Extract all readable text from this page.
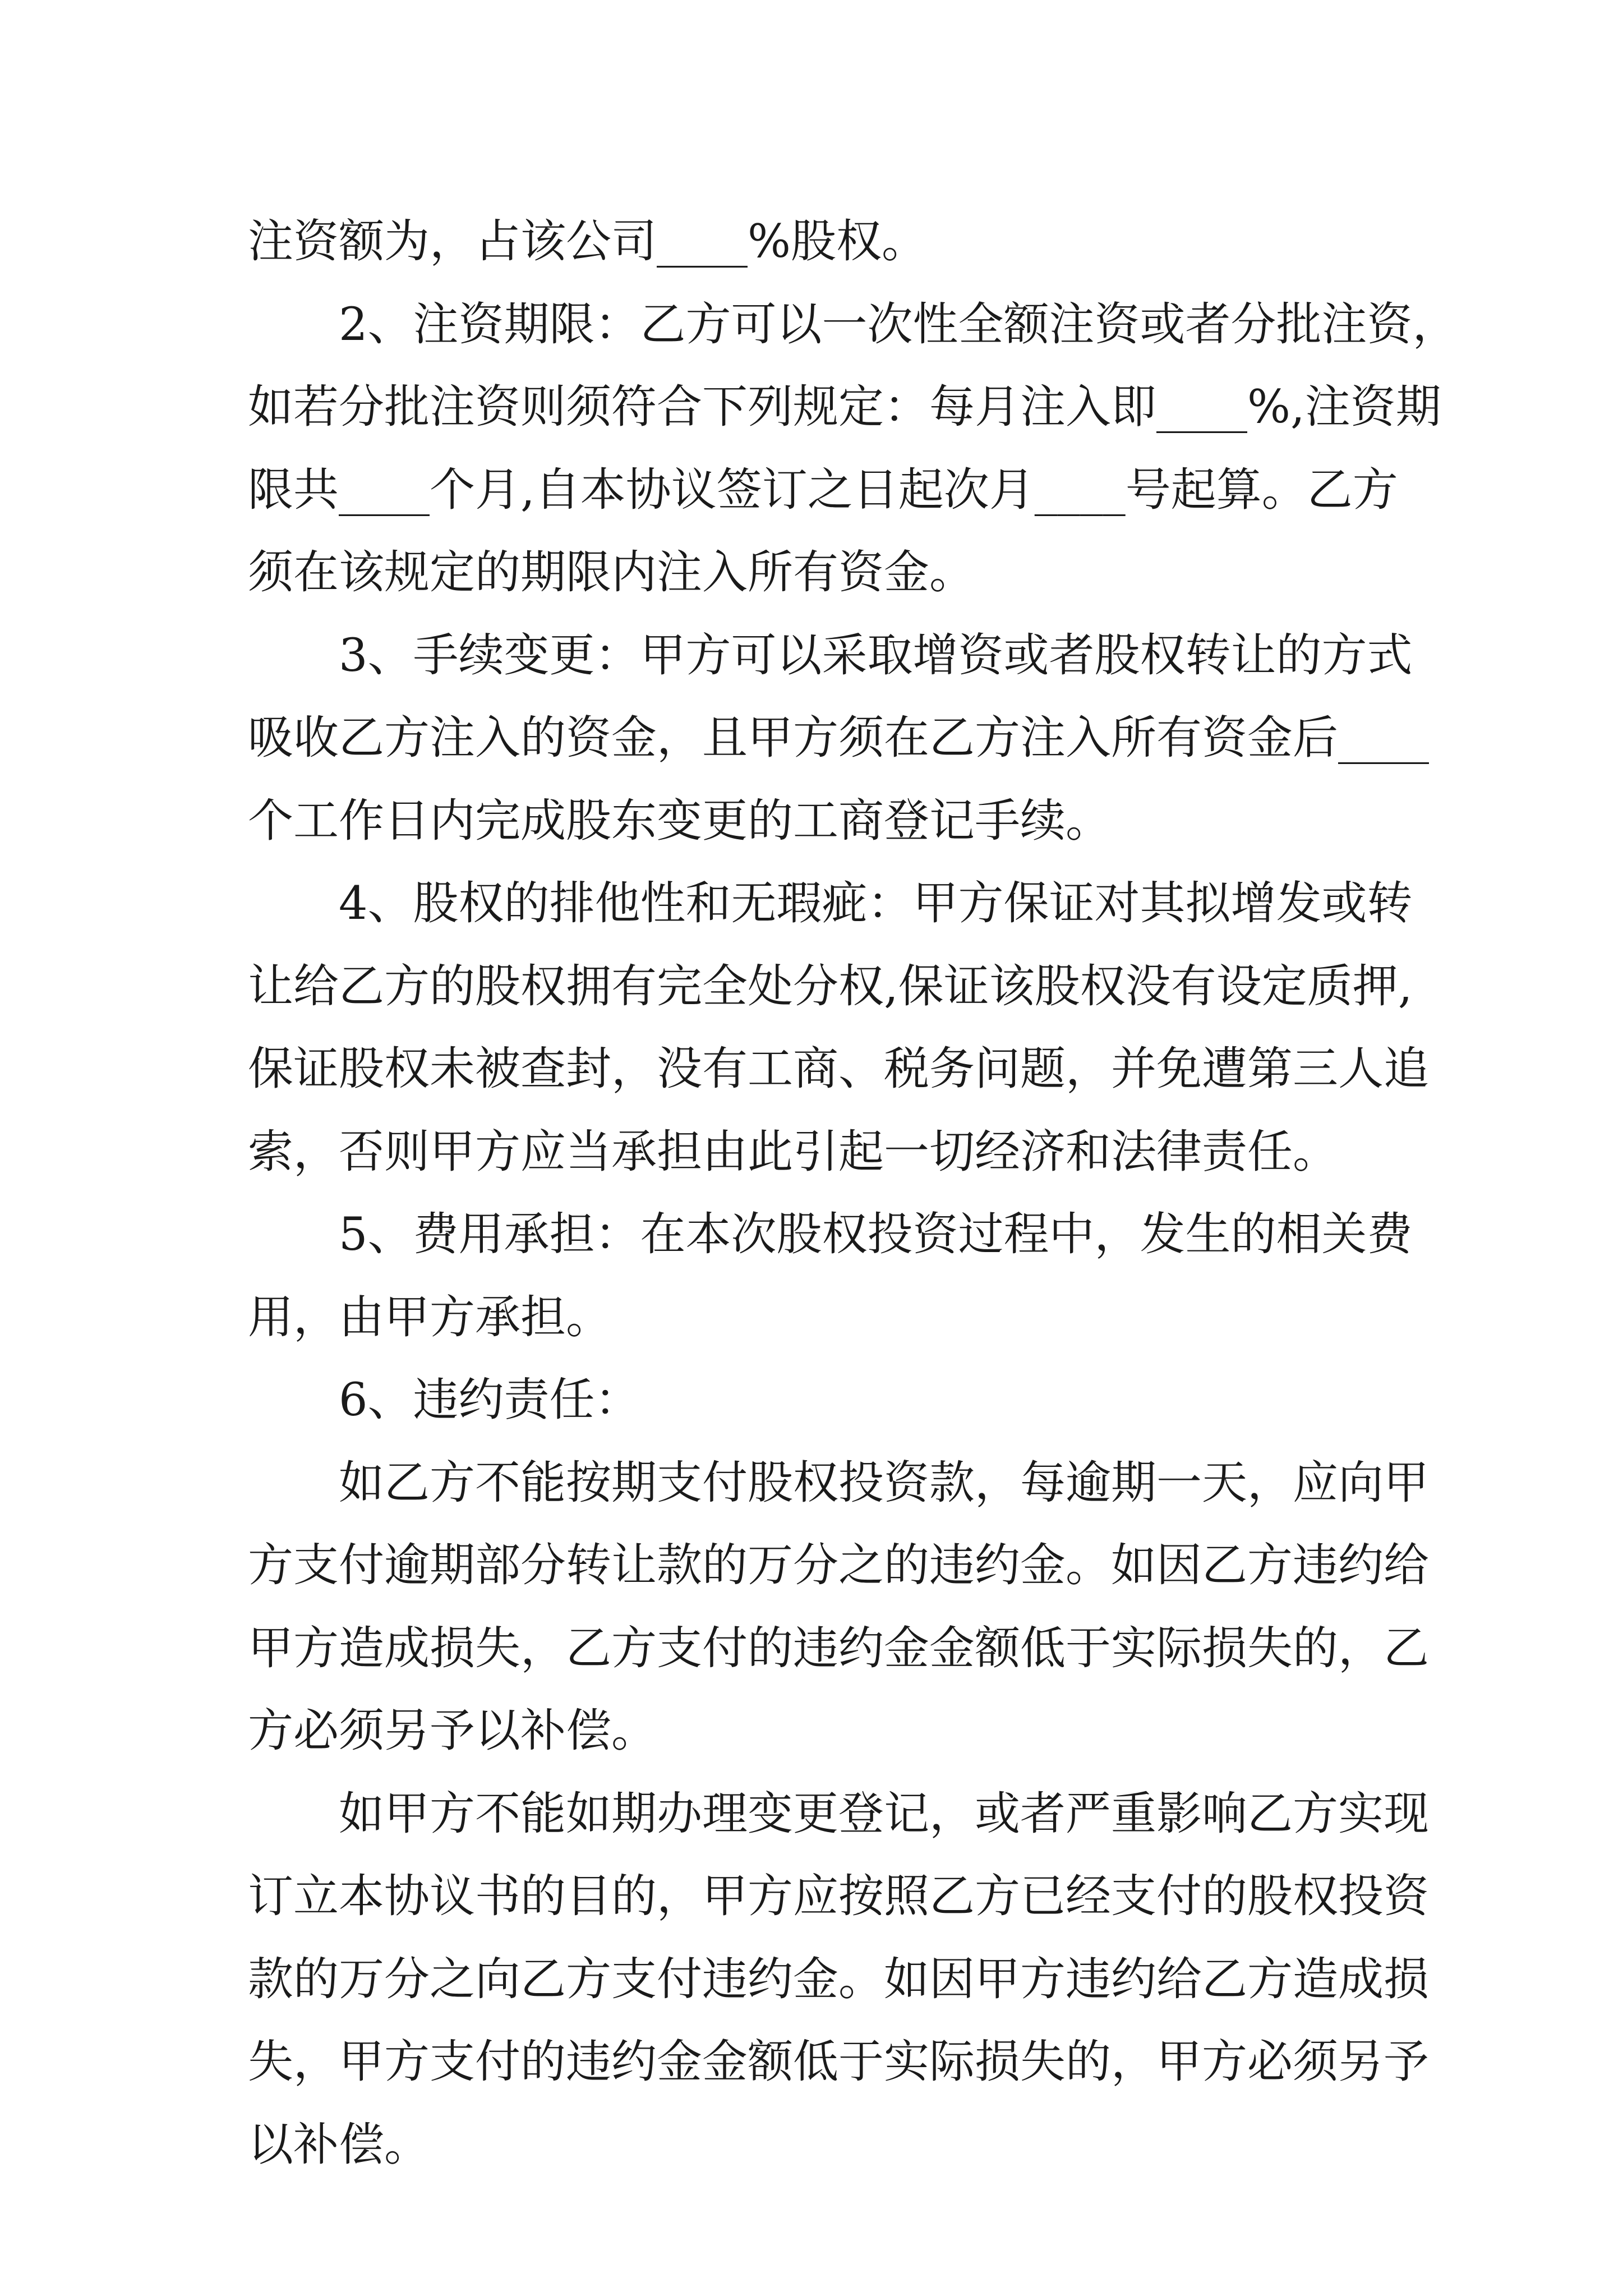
注资额为，占该公司____%股权。
2、注资期限：乙方可以一次性全额注资或者分批注资，
如若分批注资则须符合下列规定：每月注入即____%,注资期
限共____个月,自本协议签订之日起次月____号起算。乙方
须在该规定的期限内注入所有资金。
3、手续变更：甲方可以采取增资或者股权转让的方式
吸收乙方注入的资金，且甲方须在乙方注入所有资金后____
个工作日内完成股东变更的工商登记手续。
4、股权的排他性和无瑕疵：甲方保证对其拟增发或转
让给乙方的股权拥有完全处分权,保证该股权没有设定质押,
保证股权未被查封，没有工商、税务问题，并免遭第三人追
索，否则甲方应当承担由此引起一切经济和法律责任。
5、费用承担：在本次股权投资过程中，发生的相关费
用，由甲方承担。
6、违约责任：
如乙方不能按期支付股权投资款，每逾期一天，应向甲
方支付逾期部分转让款的万分之的违约金。如因乙方违约给
甲方造成损失，乙方支付的违约金金额低于实际损失的，乙
方必须另予以补偿。
如甲方不能如期办理变更登记，或者严重影响乙方实现
订立本协议书的目的，甲方应按照乙方已经支付的股权投资
款的万分之向乙方支付违约金。如因甲方违约给乙方造成损
失，甲方支付的违约金金额低于实际损失的，甲方必须另予
以补偿。
